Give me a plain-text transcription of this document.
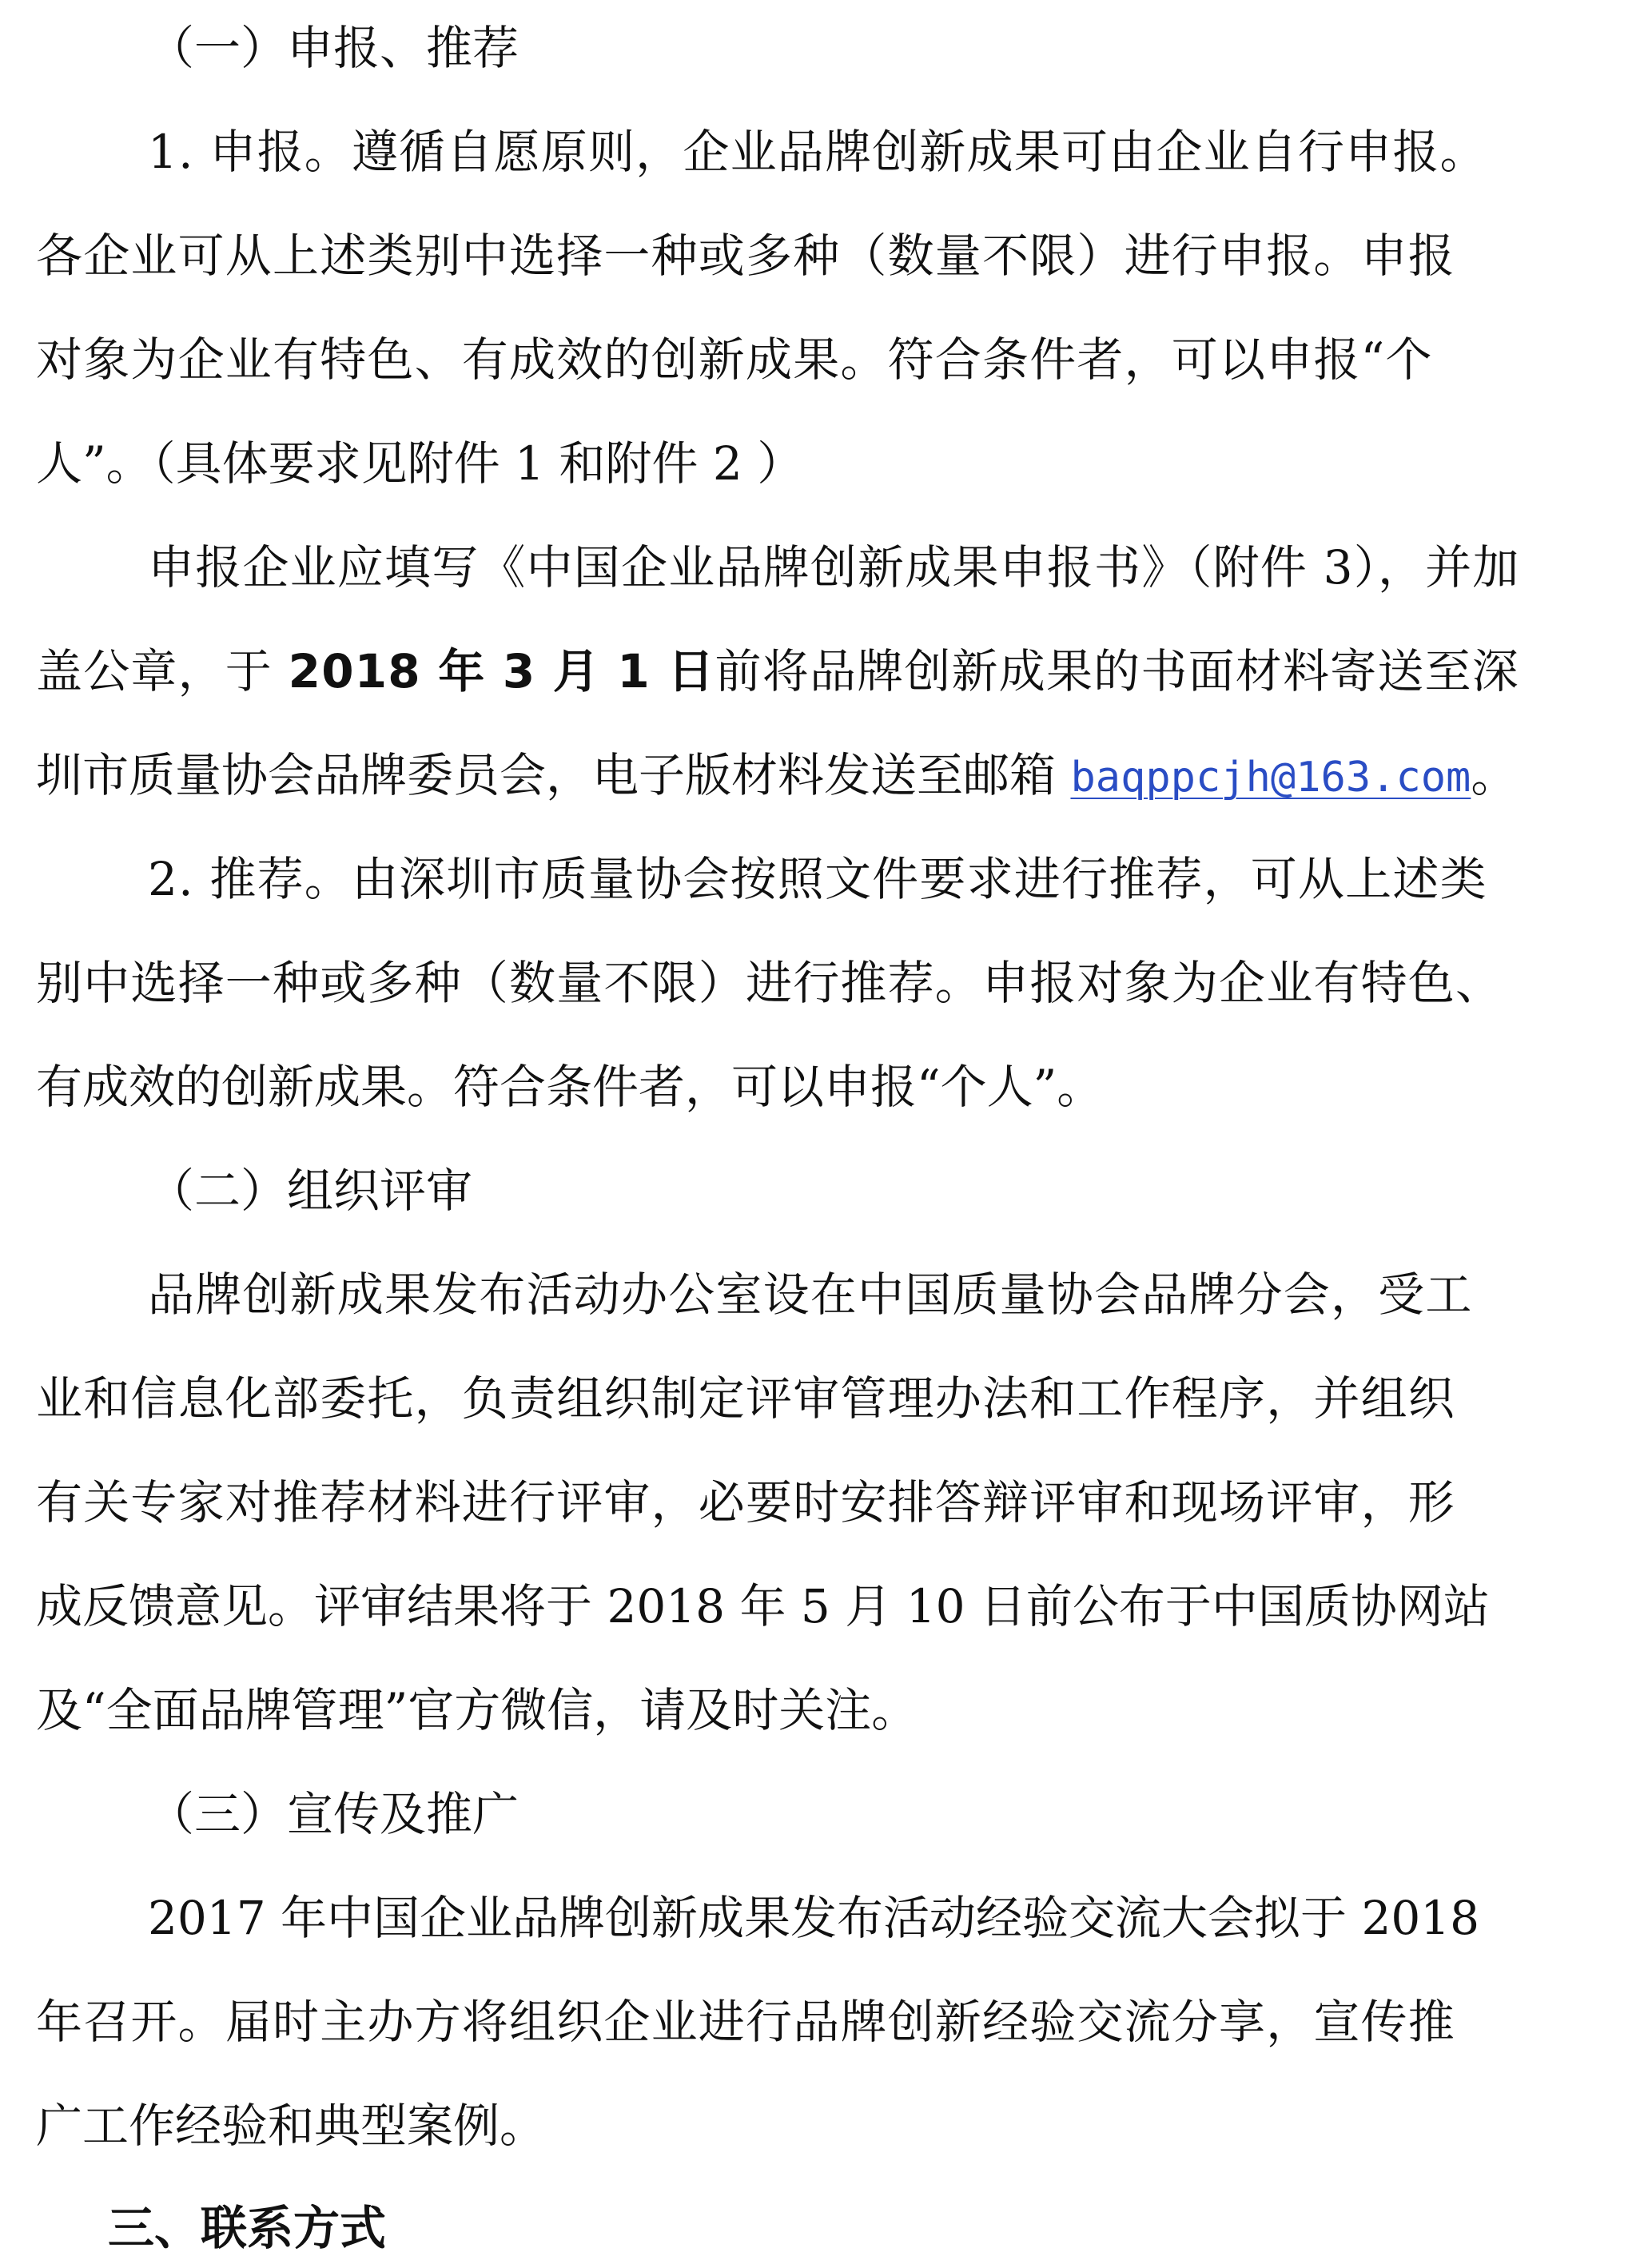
（一）申报、推荐
1. 申报。遵循自愿原则，企业品牌创新成果可由企业自行申报。
各企业可从上述类别中选择一种或多种（数量不限）进行申报。申报
对象为企业有特色、有成效的创新成果。符合条件者，可以申报“个
人”。（具体要求见附件 1 和附件 2 ）
申报企业应填写《中国企业品牌创新成果申报书》（附件 3），并加
盖公章，于 2018 年 3 月 1 日前将品牌创新成果的书面材料寄送至深
圳市质量协会品牌委员会，电子版材料发送至邮箱 baqppcjh@163.com。
2. 推荐。由深圳市质量协会按照文件要求进行推荐，可从上述类
别中选择一种或多种（数量不限）进行推荐。申报对象为企业有特色、
有成效的创新成果。符合条件者，可以申报“个人”。
（二）组织评审
品牌创新成果发布活动办公室设在中国质量协会品牌分会，受工
业和信息化部委托，负责组织制定评审管理办法和工作程序，并组织
有关专家对推荐材料进行评审，必要时安排答辩评审和现场评审，形
成反馈意见。评审结果将于 2018 年 5 月 10 日前公布于中国质协网站
及“全面品牌管理”官方微信，请及时关注。
（三）宣传及推广
2017 年中国企业品牌创新成果发布活动经验交流大会拟于 2018
年召开。届时主办方将组织企业进行品牌创新经验交流分享，宣传推
广工作经验和典型案例。
三、联系方式
